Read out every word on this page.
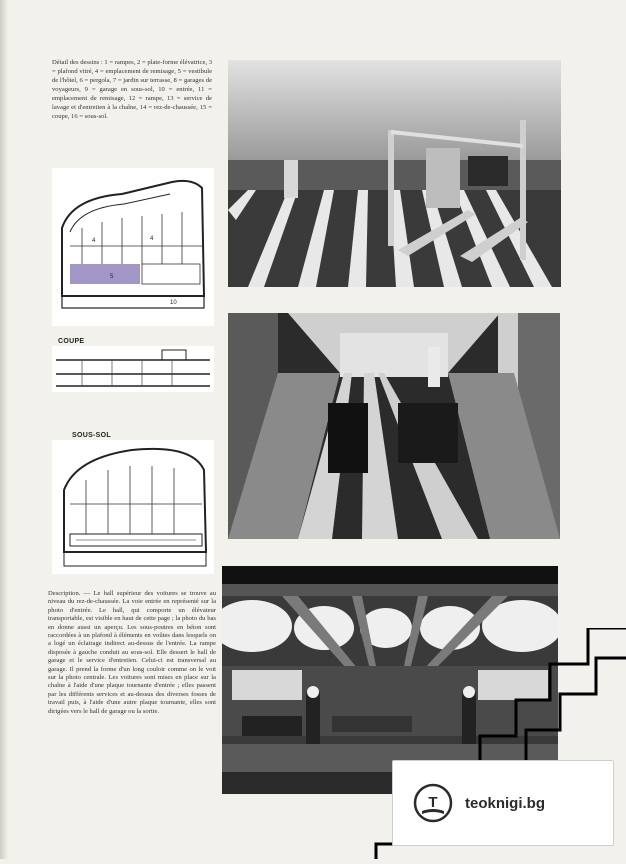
Détail des dessins : 1 = rampes, 2 = plate-forme élévatrice, 3 = plafond vitré, 4 = emplacement de remisage, 5 = vestibule de l'hôtel, 6 = pergola, 7 = jardin sur terrasse, 8 = garages de voyageurs, 9 = garage en sous-sol, 10 = entrée, 11 = emplacement de remisage, 12 = rampe, 13 = service de lavage et d'entretien à la chaîne, 14 = rez-de-chaussée, 15 = coupe, 16 = sous-sol.
4	4
5
10
COUPE
SOUS-SOL
Description. — Le hall supérieur des voitures se trouve au niveau du rez-de-chaussée. La voie entrée en représenté sur la photo d'entrée. Le hall, qui comporte un élévateur transportable, est visible en haut de cette page ; la photo du bas en donne aussi un aperçu. Les sous-poutres en béton sont raccordées à un plafond à éléments en voûtes dans lesquels on a logé un éclairage indirect au-dessus de l'entrée. La rampe disposée à gauche conduit au sous-sol. Elle dessert le hall de garage et le service d'entretien. Celui-ci est transversal au garage. Il prend la forme d'un long couloir comme on le voit sur la photo centrale. Les voitures sont mises en place sur la chaîne à l'aide d'une plaque tournante d'entrée ; elles passent par les différents services et au-dessus des diverses fosses de travail puis, à l'aide d'une autre plaque tournante, elles sont dirigées vers le hall de garage ou la sortie.
T teoknigi.bg
